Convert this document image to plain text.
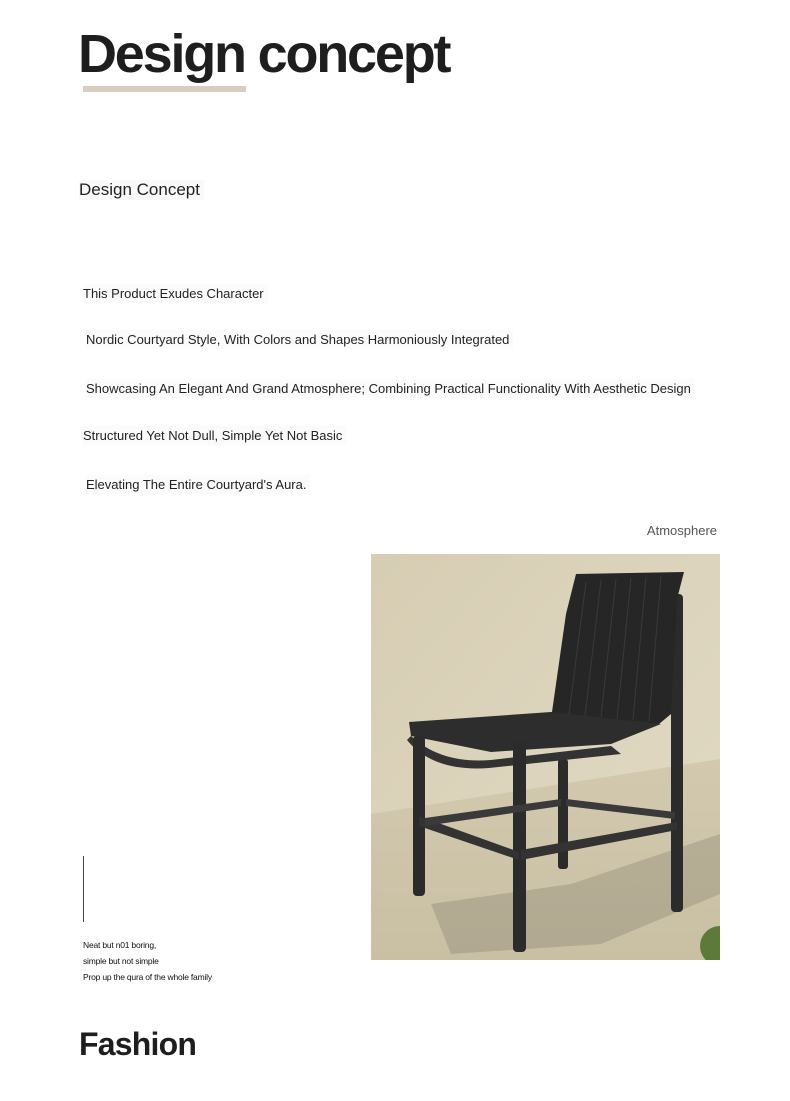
Design concept
Design Concept
This Product Exudes Character
Nordic Courtyard Style, With Colors and Shapes Harmoniously Integrated
Showcasing An Elegant And Grand Atmosphere; Combining Practical Functionality With Aesthetic Design
Structured Yet Not Dull, Simple Yet Not Basic
Elevating The Entire Courtyard's Aura.
Atmosphere
Neat but n01 boring,
simple but not simple
Prop up the qura of the whole family
Fashion
